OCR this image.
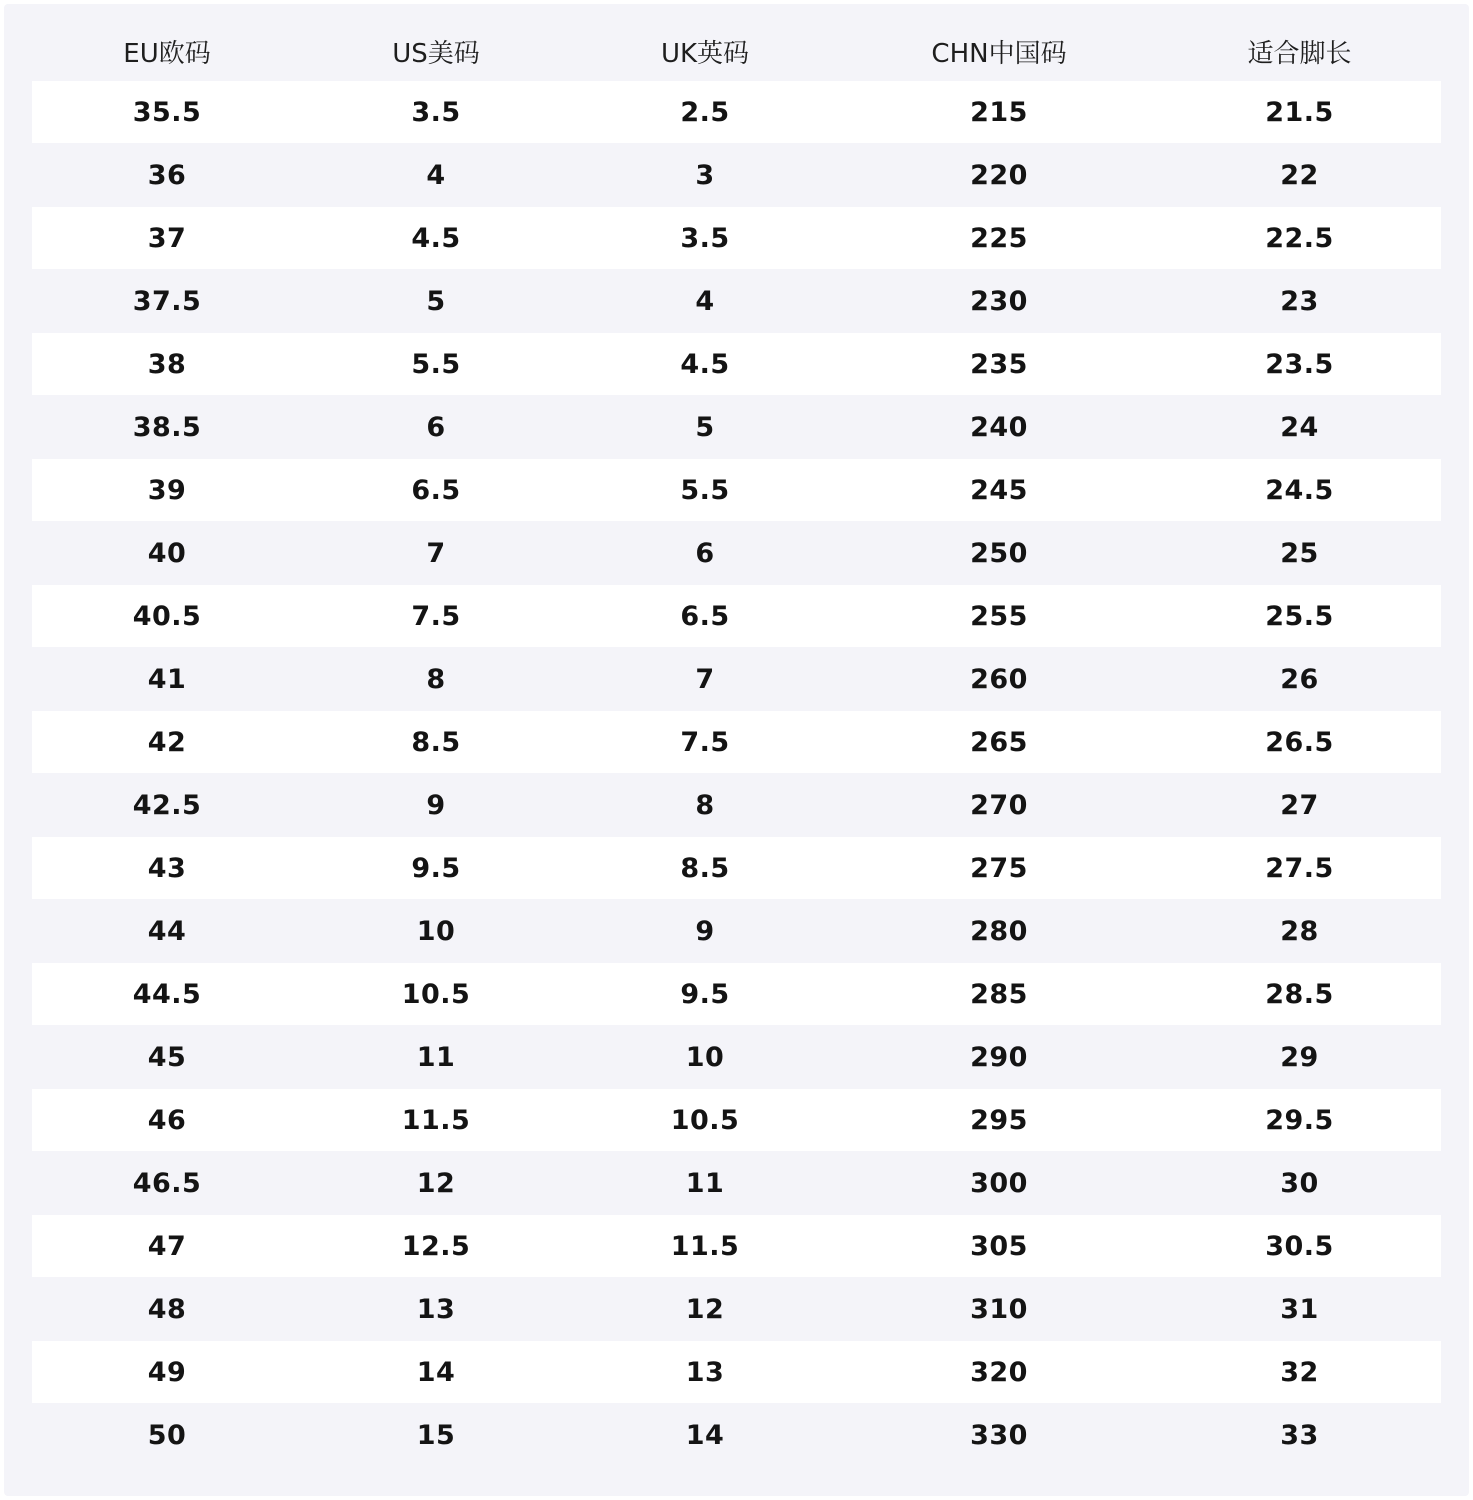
EU欧码	US美码	UK英码	CHN中国码	适合脚长
35.5	3.5	2.5	215	21.5
36	4	3	220	22
37	4.5	3.5	225	22.5
37.5	5	4	230	23
38	5.5	4.5	235	23.5
38.5	6	5	240	24
39	6.5	5.5	245	24.5
40	7	6	250	25
40.5	7.5	6.5	255	25.5
41	8	7	260	26
42	8.5	7.5	265	26.5
42.5	9	8	270	27
43	9.5	8.5	275	27.5
44	10	9	280	28
44.5	10.5	9.5	285	28.5
45	11	10	290	29
46	11.5	10.5	295	29.5
46.5	12	11	300	30
47	12.5	11.5	305	30.5
48	13	12	310	31
49	14	13	320	32
50	15	14	330	33
